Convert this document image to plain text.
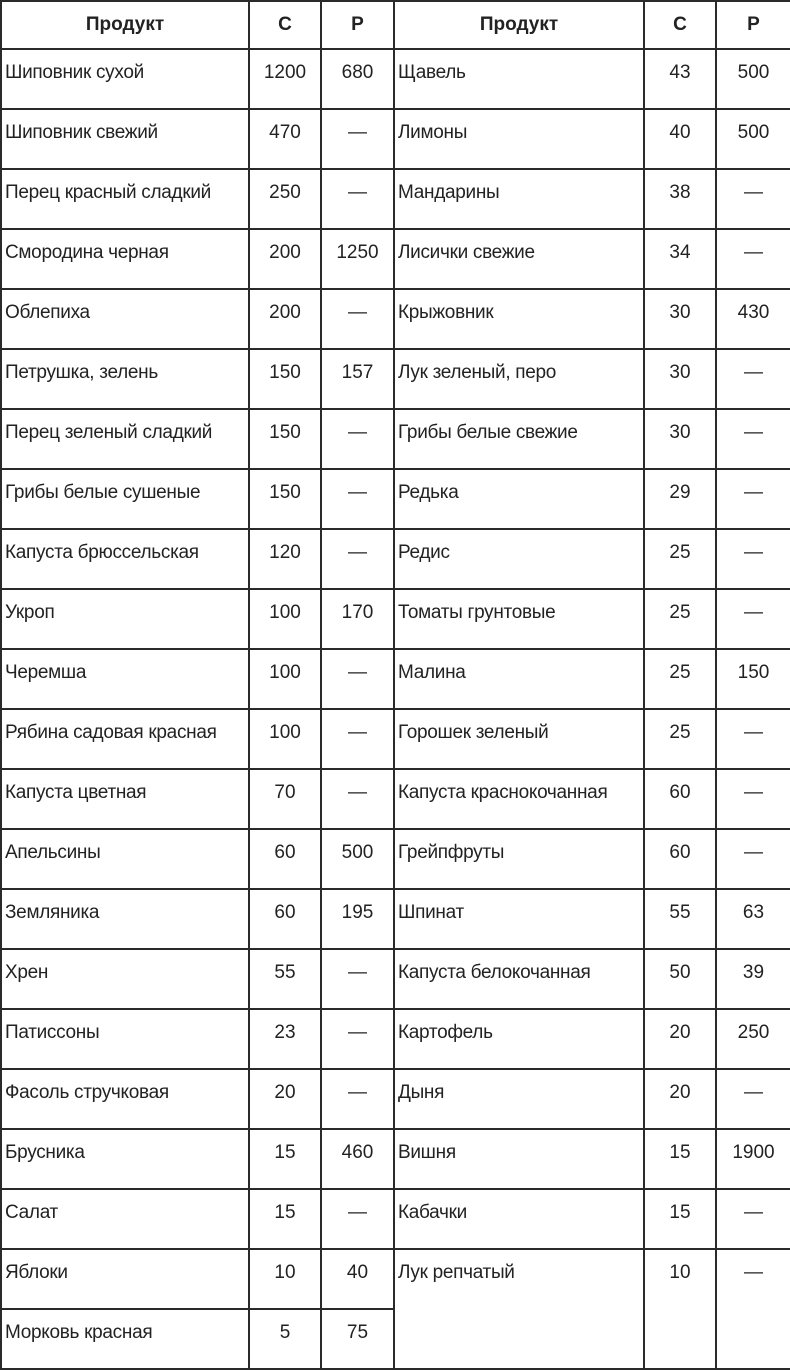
Продукт	C	P	Продукт	C	P
Шиповник сухой	1200	680	Щавель	43	500
Шиповник свежий	470	—	Лимоны	40	500
Перец красный сладкий	250	—	Мандарины	38	—
Смородина черная	200	1250	Лисички свежие	34	—
Облепиха	200	—	Крыжовник	30	430
Петрушка, зелень	150	157	Лук зеленый, перо	30	—
Перец зеленый сладкий	150	—	Грибы белые свежие	30	—
Грибы белые сушеные	150	—	Редька	29	—
Капуста брюссельская	120	—	Редис	25	—
Укроп	100	170	Томаты грунтовые	25	—
Черемша	100	—	Малина	25	150
Рябина садовая красная	100	—	Горошек зеленый	25	—
Капуста цветная	70	—	Капуста краснокочанная	60	—
Апельсины	60	500	Грейпфруты	60	—
Земляника	60	195	Шпинат	55	63
Хрен	55	—	Капуста белокочанная	50	39
Патиссоны	23	—	Картофель	20	250
Фасоль стручковая	20	—	Дыня	20	—
Брусника	15	460	Вишня	15	1900
Салат	15	—	Кабачки	15	—
Яблоки	10	40	Лук репчатый	10	—
Морковь красная	5	75			
